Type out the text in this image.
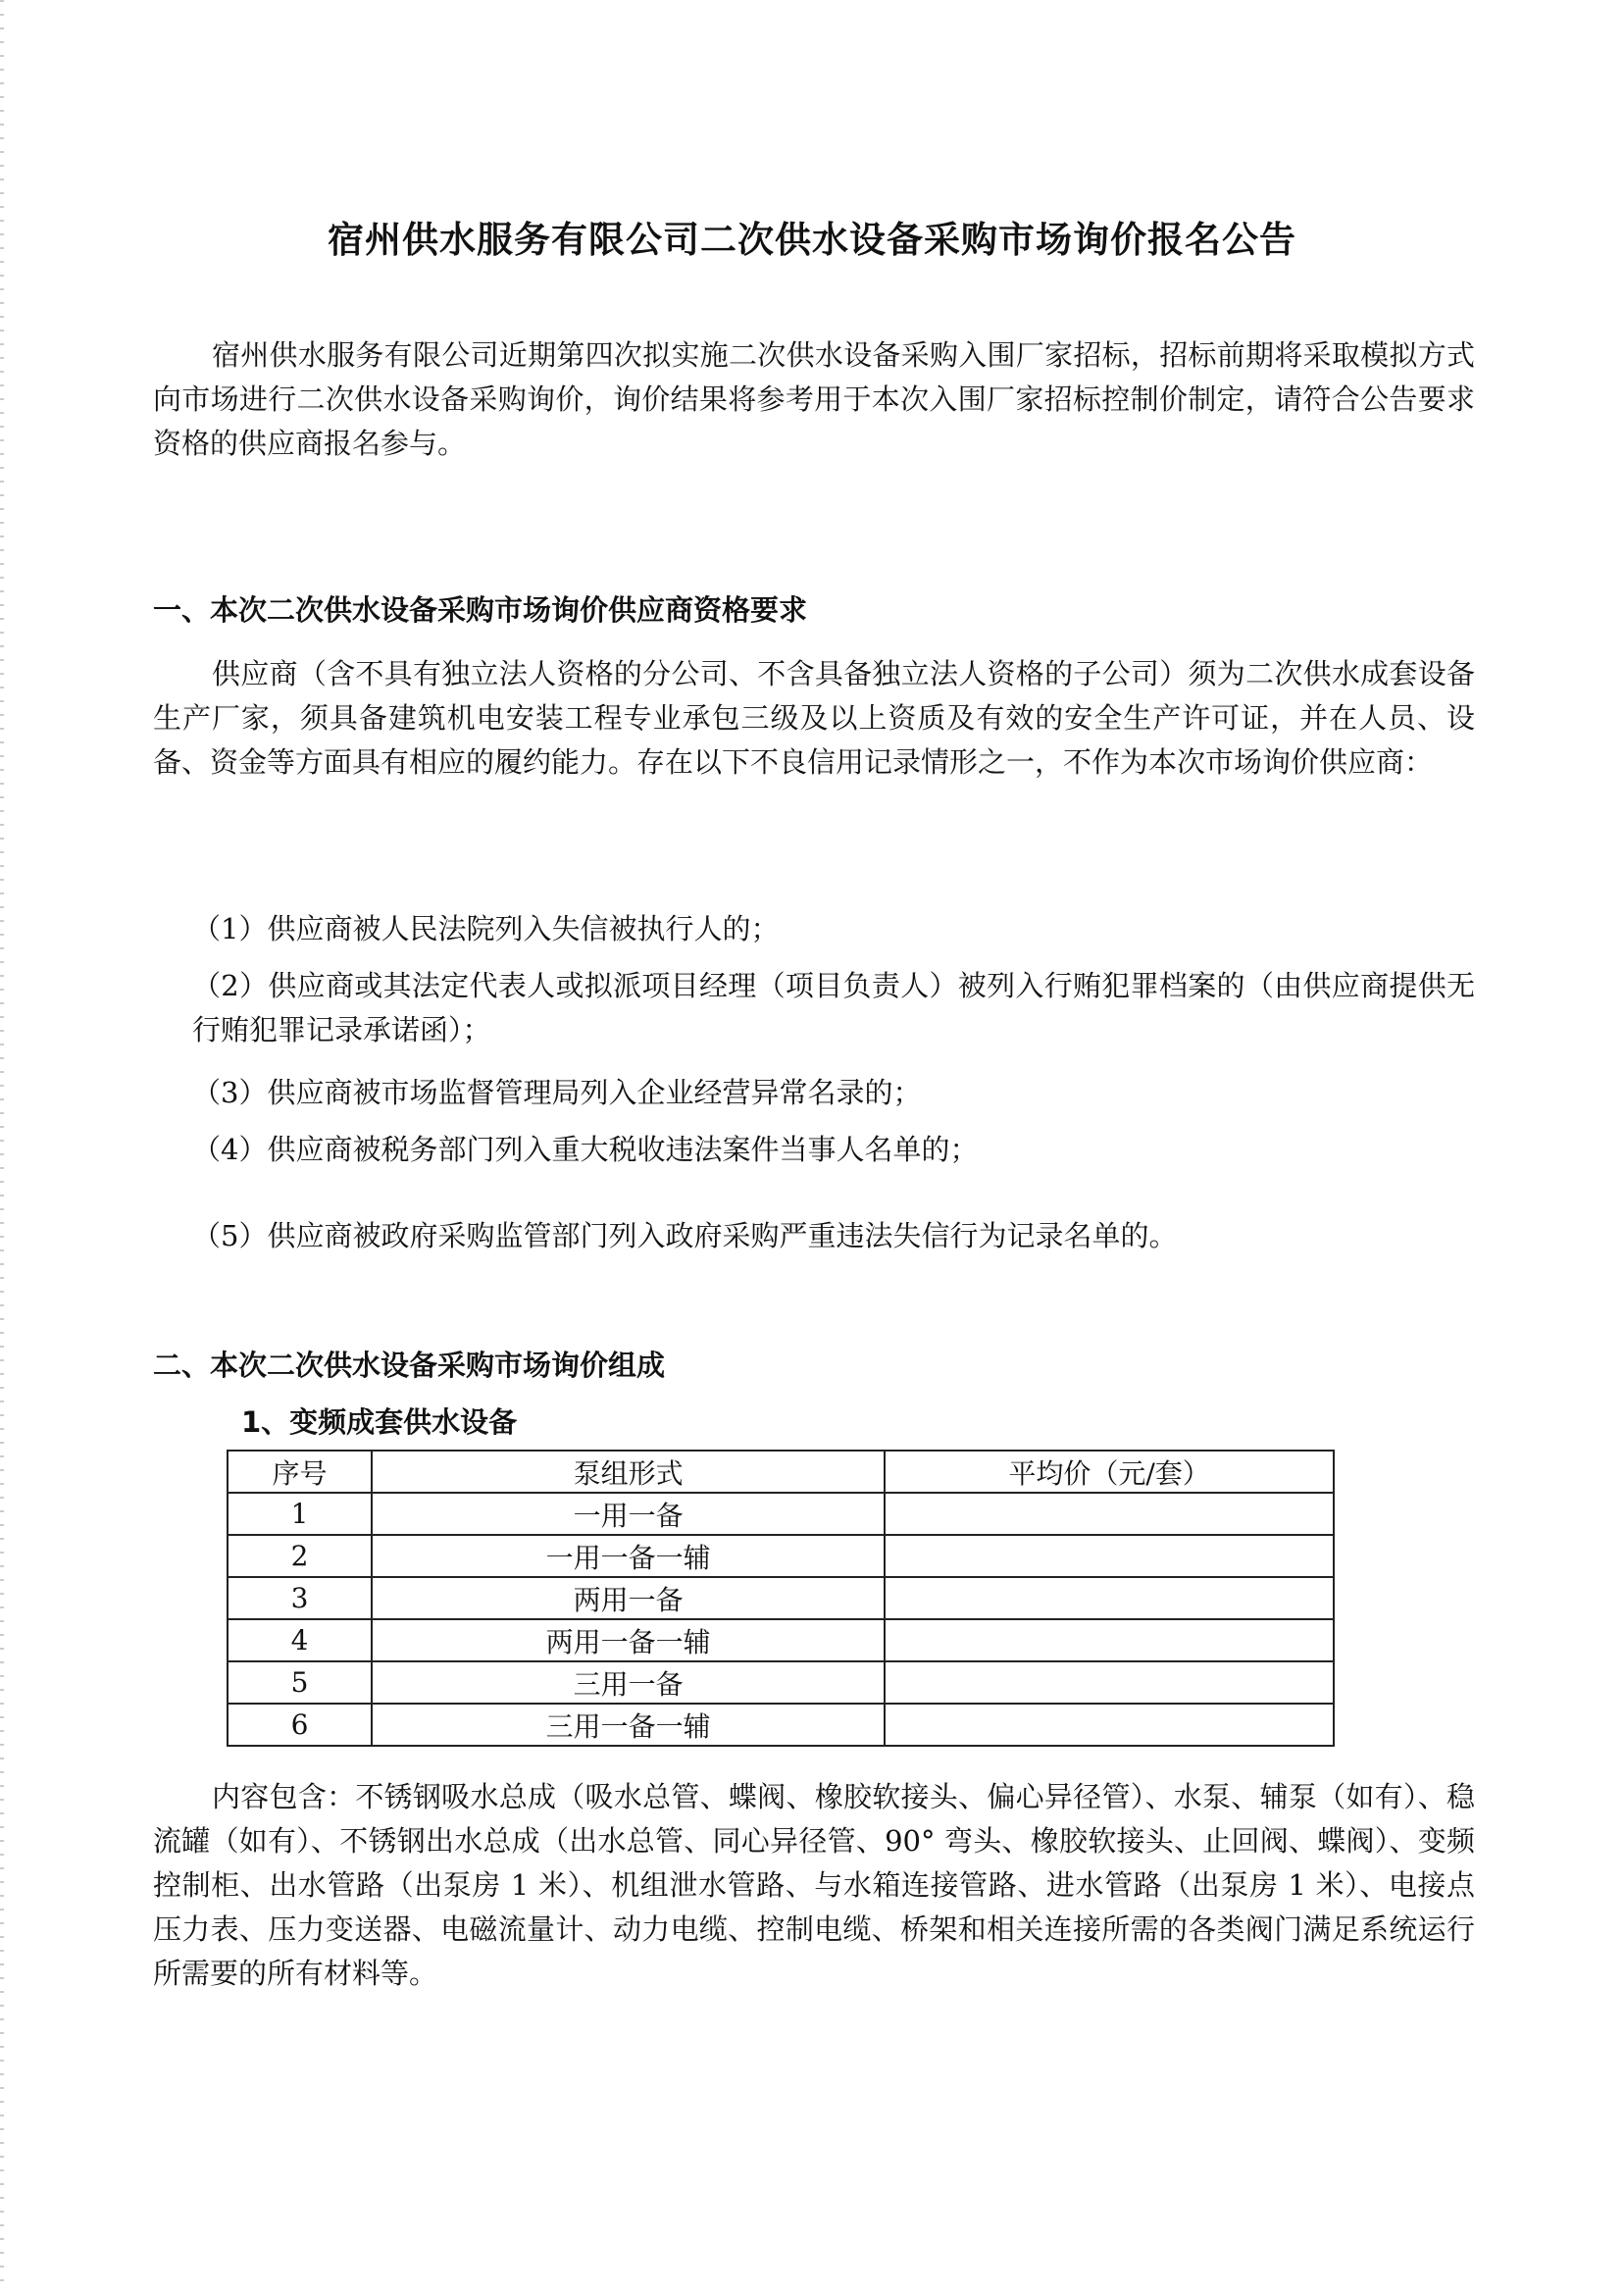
宿州供水服务有限公司二次供水设备采购市场询价报名公告
宿州供水服务有限公司近期第四次拟实施二次供水设备采购入围厂家招标，招标前期将采取模拟方式向市场进行二次供水设备采购询价，询价结果将参考用于本次入围厂家招标控制价制定，请符合公告要求资格的供应商报名参与。
一、本次二次供水设备采购市场询价供应商资格要求
供应商（含不具有独立法人资格的分公司、不含具备独立法人资格的子公司）须为二次供水成套设备生产厂家，须具备建筑机电安装工程专业承包三级及以上资质及有效的安全生产许可证，并在人员、设备、资金等方面具有相应的履约能力。存在以下不良信用记录情形之一，不作为本次市场询价供应商：
（1）供应商被人民法院列入失信被执行人的；
（2）供应商或其法定代表人或拟派项目经理（项目负责人）被列入行贿犯罪档案的（由供应商提供无行贿犯罪记录承诺函）；
（3）供应商被市场监督管理局列入企业经营异常名录的；
（4）供应商被税务部门列入重大税收违法案件当事人名单的；
（5）供应商被政府采购监管部门列入政府采购严重违法失信行为记录名单的。
二、本次二次供水设备采购市场询价组成
1、变频成套供水设备
序号	泵组形式	平均价（元/套）
1	一用一备	
2	一用一备一辅	
3	两用一备	
4	两用一备一辅	
5	三用一备	
6	三用一备一辅	
内容包含：不锈钢吸水总成（吸水总管、蝶阀、橡胶软接头、偏心异径管）、水泵、辅泵（如有）、稳流罐（如有）、不锈钢出水总成（出水总管、同心异径管、90° 弯头、橡胶软接头、止回阀、蝶阀）、变频控制柜、出水管路（出泵房 1 米）、机组泄水管路、与水箱连接管路、进水管路（出泵房 1 米）、电接点压力表、压力变送器、电磁流量计、动力电缆、控制电缆、桥架和相关连接所需的各类阀门满足系统运行所需要的所有材料等。
